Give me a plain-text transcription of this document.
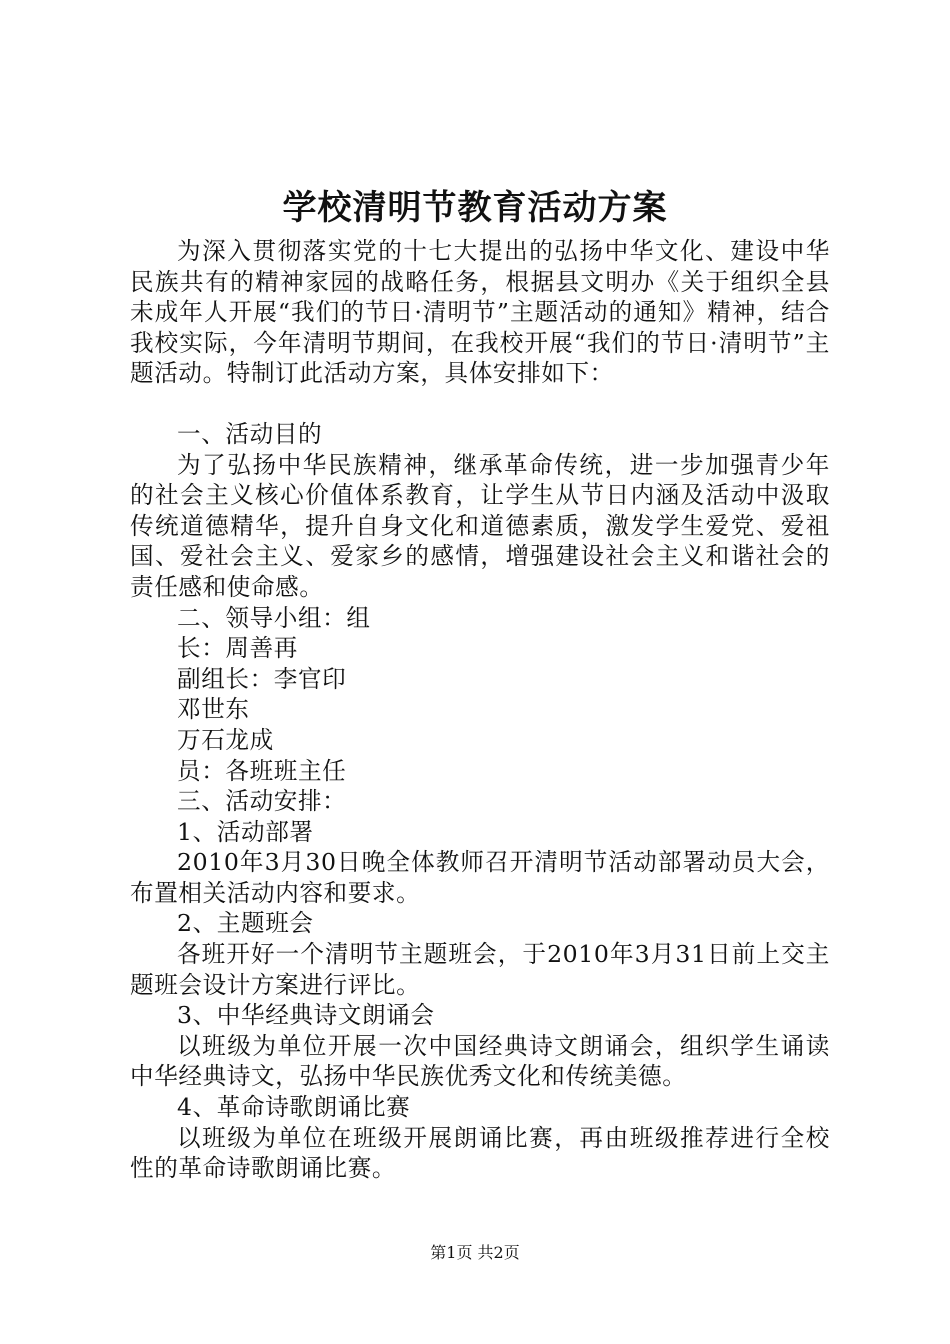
学校清明节教育活动方案

为深入贯彻落实党的十七大提出的弘扬中华文化、建设中华民族共有的精神家园的战略任务，根据县文明办《关于组织全县未成年人开展“我们的节日·清明节”主题活动的通知》精神，结合我校实际，今年清明节期间，在我校开展“我们的节日·清明节”主题活动。特制订此活动方案，具体安排如下：

一、活动目的

为了弘扬中华民族精神，继承革命传统，进一步加强青少年的社会主义核心价值体系教育，让学生从节日内涵及活动中汲取传统道德精华，提升自身文化和道德素质，激发学生爱党、爱祖国、爱社会主义、爱家乡的感情，增强建设社会主义和谐社会的责任感和使命感。

二、领导小组：组

长：周善再

副组长：李官印

邓世东

万石龙成

员：各班班主任

三、活动安排：

1、活动部署

2010年3月30日晚全体教师召开清明节活动部署动员大会，布置相关活动内容和要求。

2、主题班会

各班开好一个清明节主题班会，于2010年3月31日前上交主题班会设计方案进行评比。

3、中华经典诗文朗诵会

以班级为单位开展一次中国经典诗文朗诵会，组织学生诵读中华经典诗文，弘扬中华民族优秀文化和传统美德。

4、革命诗歌朗诵比赛

以班级为单位在班级开展朗诵比赛，再由班级推荐进行全校性的革命诗歌朗诵比赛。

第1页 共2页
